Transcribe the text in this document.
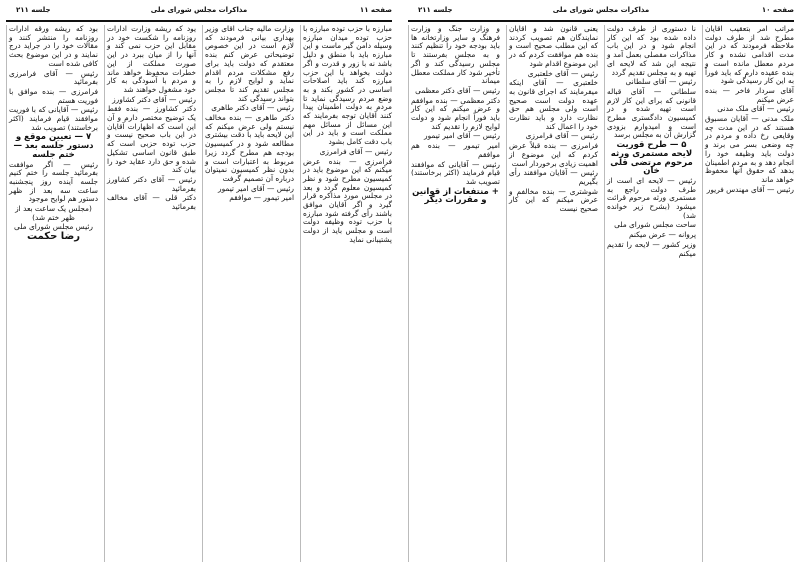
صفحه ۱۱
مذاکرات مجلس شورای ملی
جلسه ۲۱۱

مبارزه با حزب توده مبارزه با حزب توده میدان مبارزه وسیله دامن گیر ماست و این مبارزه باید با منطق و دلیل باشد نه با زور و قدرت و اگر دولت بخواهد با این حزب مبارزه کند باید اصلاحات اساسی در کشور بکند و به وضع مردم رسیدگی نماید تا مردم به دولت اطمینان پیدا کنند آقایان توجه بفرمایند که این مسائل از مسائل مهم مملکت است و باید در این باب دقت کامل بشود

رئیس — آقای فرامرزی

فرامرزی — بنده عرض میکنم که این موضوع باید در کمیسیون مطرح شود و نظر کمیسیون معلوم گردد و بعد در مجلس مورد مذاکره قرار گیرد و اگر آقایان موافق باشند رأی گرفته شود مبارزه با حزب توده وظیفه دولت است و مجلس باید از دولت پشتیبانی نماید

وزارت مالیه جناب آقای وزیر بهداری بیانی فرمودند که لازم است در این خصوص توضیحاتی عرض کنم بنده معتقدم که دولت باید برای رفع مشکلات مردم اقدام نماید و لوایح لازم را به مجلس تقدیم کند تا مجلس بتواند رسیدگی کند

رئیس — آقای دکتر طاهری

دکتر طاهری — بنده مخالف نیستم ولی عرض میکنم که این لایحه باید با دقت بیشتری مطالعه شود و در کمیسیون بودجه هم مطرح گردد زیرا مربوط به اعتبارات است و بدون نظر کمیسیون نمیتوان درباره آن تصمیم گرفت

رئیس — آقای امیر تیمور

امیر تیمور — موافقم

یود که ریشه وزارت ادارات روزنامه را شکست خود در مقابل این حزب نمی کند و آنها را از میان ببرد در این صورت مملکت از این خطرات محفوظ خواهد ماند و مردم با آسودگی به کار خود مشغول خواهند شد

رئیس — آقای دکتر کشاورز

دکتر کشاورز — بنده فقط یک توضیح مختصر دارم و آن این است که اظهارات آقایان در این باب صحیح نیست و حزب توده حزبی است که طبق قانون اساسی تشکیل شده و حق دارد عقاید خود را بیان کند

رئیس — آقای دکتر کشاورز بفرمائید

دکتر قلی — آقای مخالف بفرمائید

بود که ریشه ورقه ادارات روزنامه را منتشر کنند و مقالات خود را در جراید درج نمایند و در این موضوع بحث کافی شده است

رئیس — آقای فرامرزی بفرمائید

فرامرزی — بنده موافق با فوریت هستم

رئیس — آقایانی که با فوریت موافقند قیام فرمایند (اکثر برخاستند) تصویب شد

۷ — تعیین موقع و دستور جلسه بعد — ختم جلسه

رئیس — اگر موافقت بفرمائید جلسه را ختم کنیم جلسه آینده روز پنجشنبه ساعت سه بعد از ظهر دستور هم لوایح موجود

(مجلس یک ساعت بعد از ظهر ختم شد)

رئیس مجلس شورای ملی

رضا حکمت

صفحه ۱۰
مذاکرات مجلس شورای ملی
جلسه ۲۱۱

مراتب امر بتعقیب آقایان مطرح شد از طرف دولت ملاحظه فرمودند که در این مدت اقدامی نشده و کار مردم معطل مانده است و بنده عقیده دارم که باید فوراً به این کار رسیدگی شود

آقای سردار فاخر — بنده عرض میکنم

رئیس — آقای ملک مدنی

ملک مدنی — آقایان مسبوق هستند که در این مدت چه وقایعی رخ داده و مردم در چه وضعی بسر می برند و دولت باید وظیفه خود را انجام دهد و به مردم اطمینان بدهد که حقوق آنها محفوظ خواهد ماند

رئیس — آقای مهندس فریور

نا دستوری از طرف دولت داده شده بود که این کار انجام شود و در این باب مذاکرات مفصلی بعمل آمد و نتیجه این شد که لایحه ای تهیه و به مجلس تقدیم گردد

رئیس — آقای سلطانی

سلطانی — آقای قباله قانونی که برای این کار لازم است تهیه شده و در کمیسیون دادگستری مطرح است و امیدوارم بزودی گزارش آن به مجلس برسد

۵ — طرح قوریت لایحه مستمری ورثه مرحوم مرتضی قلی خان

رئیس — لایحه ای است از طرف دولت راجع به مستمری ورثه مرحوم قرائت میشود (بشرح زیر خوانده شد)

ساحت مجلس شورای ملی

پروانه — عرض میکنم

وزیر کشور — لایحه را تقدیم میکنم

یعنی قانون شد و آقایان نمایندگان هم تصویب کردند که این مطلب صحیح است و بنده هم موافقت کردم که در این موضوع اقدام شود

رئیس — آقای خلعتبری

خلعتبری — آقای اینکه میفرمایند که اجرای قانون به عهده دولت است صحیح است ولی مجلس هم حق نظارت دارد و باید نظارت خود را اعمال کند

رئیس — آقای فرامرزی

فرامرزی — بنده قبلاً عرض کردم که این موضوع از اهمیت زیادی برخوردار است

رئیس — آقایان موافقند رأی بگیریم

شوشتری — بنده مخالفم و عرض میکنم که این کار صحیح نیست

و وزارت جنگ و وزارت فرهنگ و سایر وزارتخانه ها باید بودجه خود را تنظیم کنند و به مجلس بفرستند تا مجلس رسیدگی کند و اگر تأخیر شود کار مملکت معطل میماند

رئیس — آقای دکتر معظمی

دکتر معظمی — بنده موافقم و عرض میکنم که این کار باید فوراً انجام شود و دولت لوایح لازم را تقدیم کند

رئیس — آقای امیر تیمور

امیر تیمور — بنده هم موافقم

رئیس — آقایانی که موافقند قیام فرمایند (اکثر برخاستند) تصویب شد

+ منتفعات از قوانین و مقررات دیگر
